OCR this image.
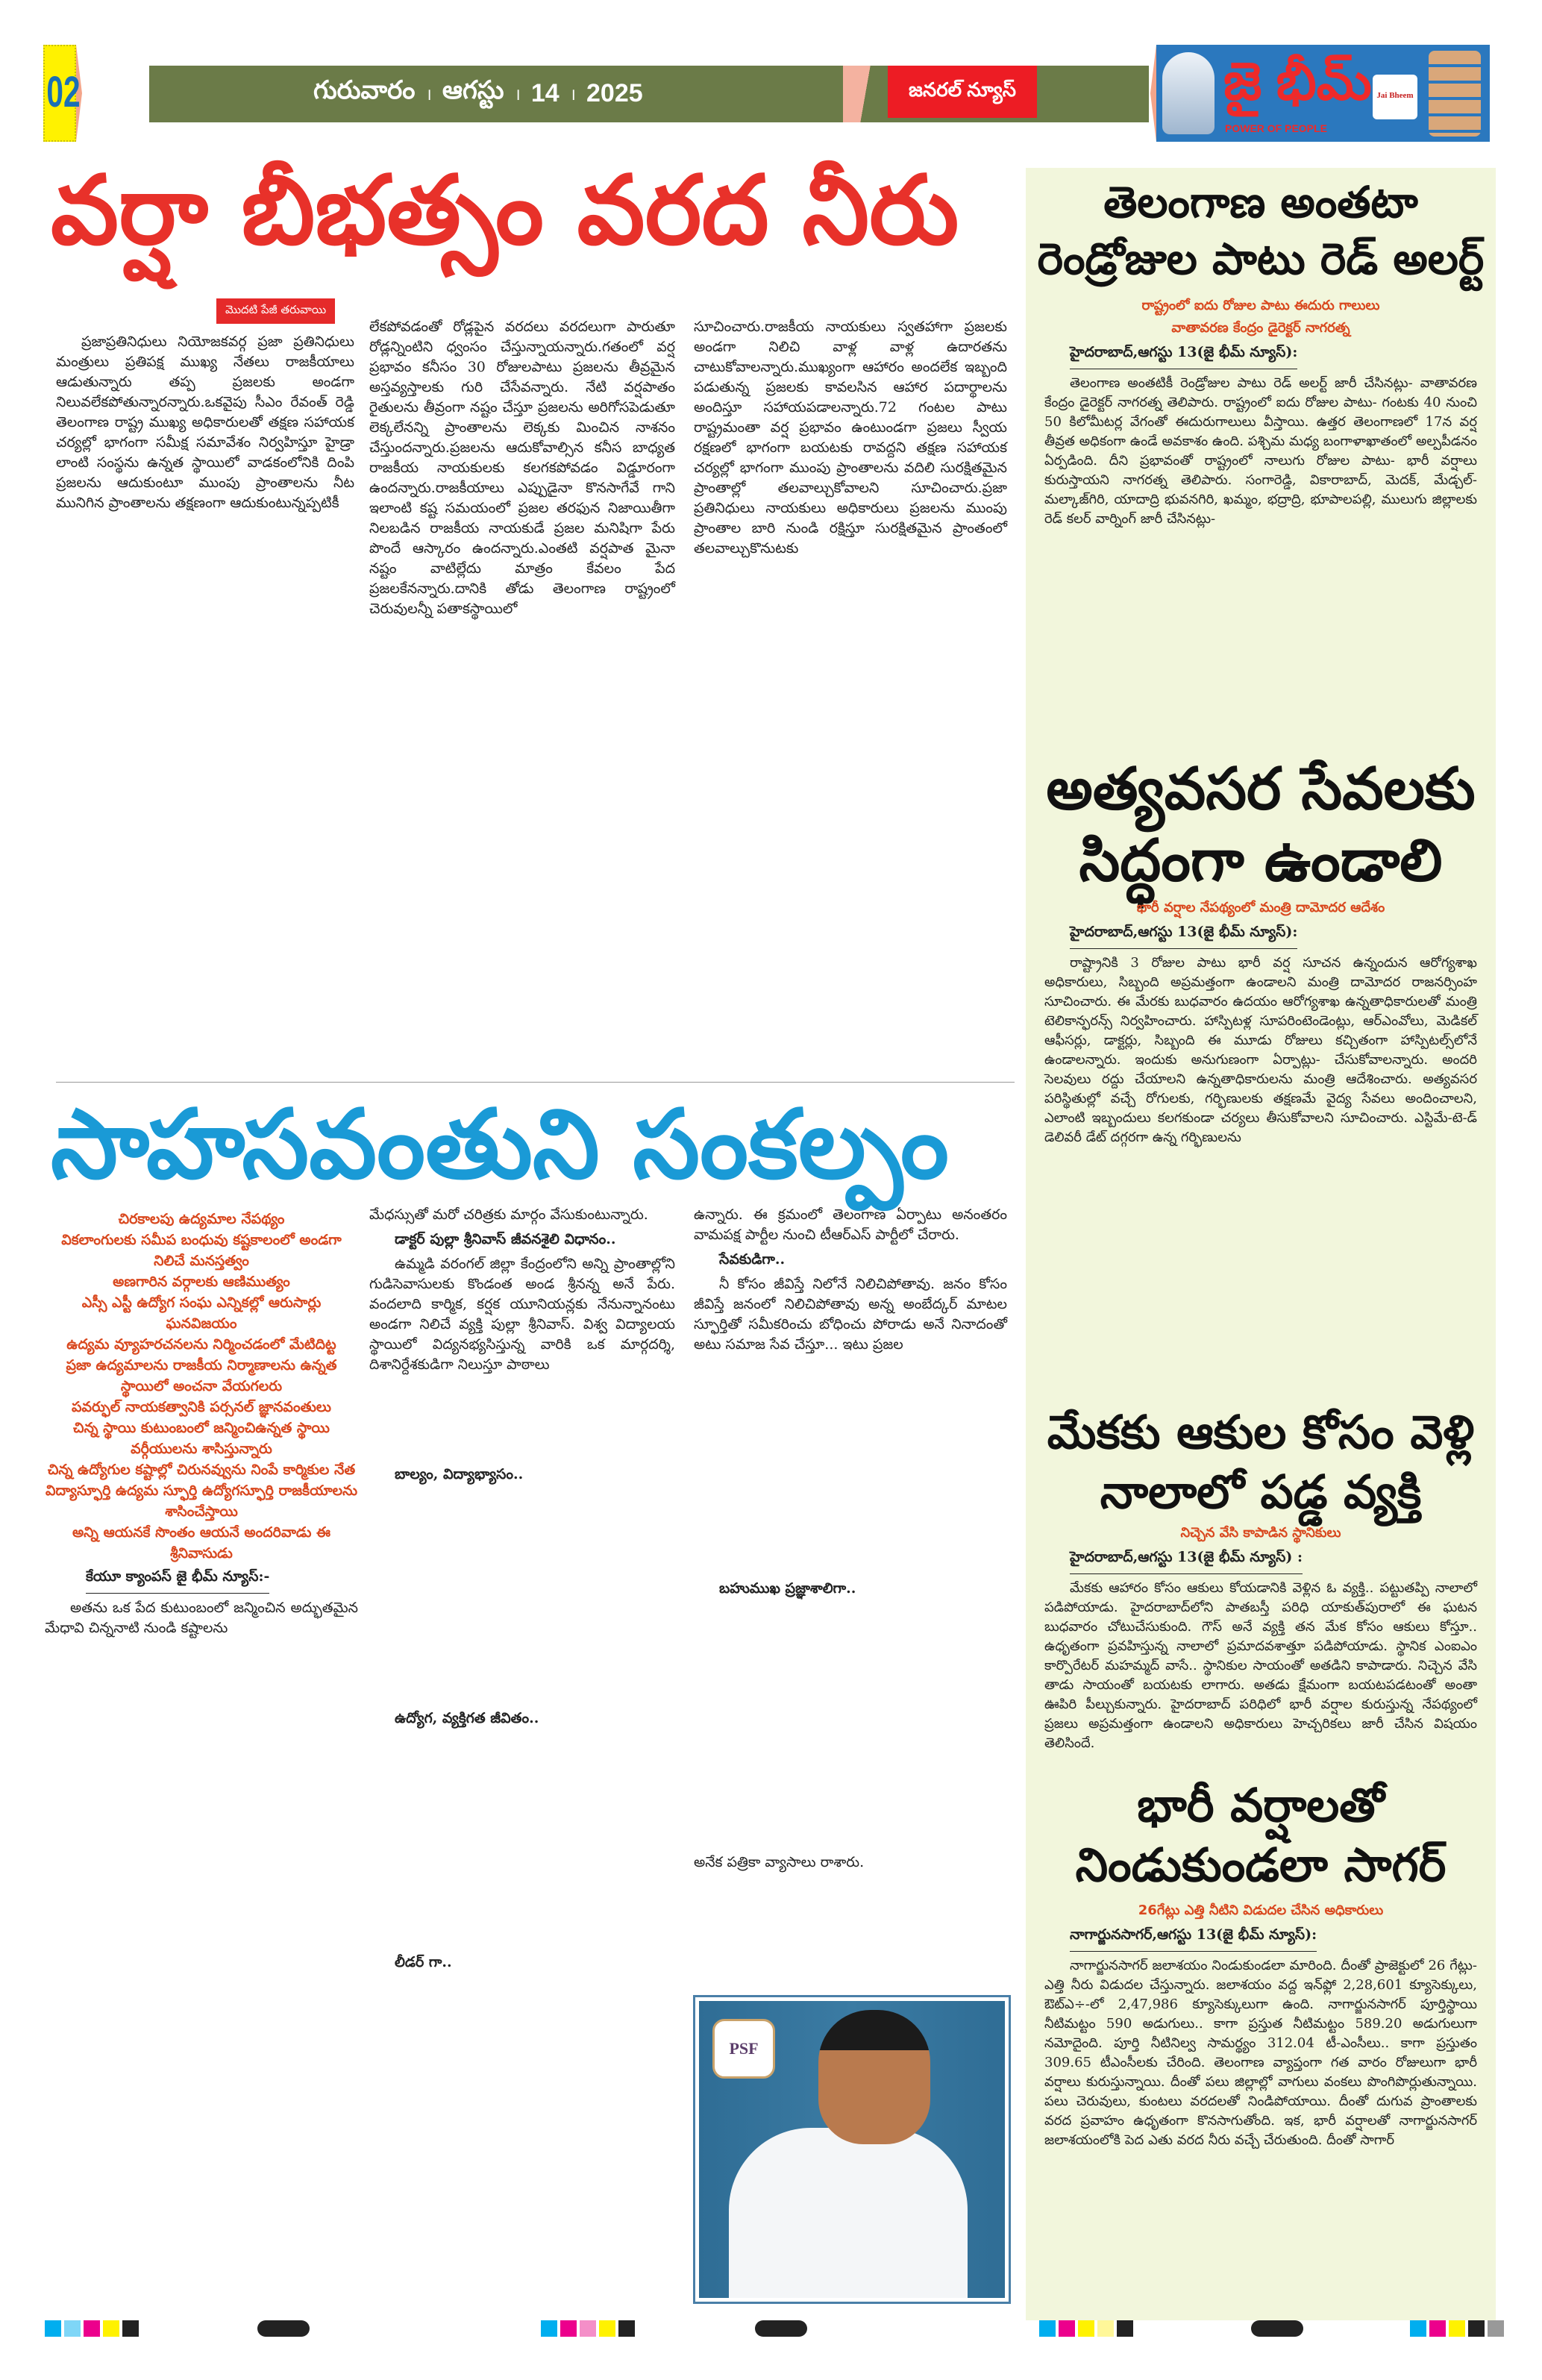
02	గురువారం । ఆగస్టు । 14 । 2025	జనరల్ న్యూస్	జై భీమ్
POWER OF PEOPLE
Jai Bheem
వర్షా బీభత్సం వరద నీరు
మొదటి పేజీ తరువాయి

ప్రజాప్రతినిధులు నియోజకవర్గ ప్రజా ప్రతినిధులు మంత్రులు ప్రతిపక్ష ముఖ్య నేతలు రాజకీయాలు ఆడుతున్నారు తప్ప ప్రజలకు అండగా నిలువలేకపోతున్నారన్నారు.ఒకవైపు సీఎం రేవంత్ రెడ్డి తెలంగాణ రాష్ట్ర ముఖ్య అధికారులతో తక్షణ సహాయక చర్యల్లో భాగంగా సమీక్ష సమావేశం నిర్వహిస్తూ హైడ్రా లాంటి సంస్థను ఉన్నత స్థాయిలో వాడకంలోనికి దింపి ప్రజలను ఆదుకుంటూ ముంపు ప్రాంతాలను నీట మునిగిన ప్రాంతాలను తక్షణంగా ఆదుకుంటున్నప్పటికీ

లేకపోవడంతో రోడ్లపైన వరదలు వరదలుగా పారుతూ రోడ్లన్నింటిని ధ్వంసం చేస్తున్నాయన్నారు.గతంలో వర్ష ప్రభావం కనీసం 30 రోజులపాటు ప్రజలను తీవ్రమైన అస్తవ్యస్తాలకు గురి చేసేవన్నారు. నేటి వర్షపాతం రైతులను తీవ్రంగా నష్టం చేస్తూ ప్రజలను అరిగోసపెడుతూ లెక్కలేనన్ని ప్రాంతాలను లెక్కకు మించిన నాశనం చేస్తుందన్నారు.ప్రజలను ఆదుకోవాల్సిన కనీస బాధ్యత రాజకీయ నాయకులకు కలగకపోవడం విడ్డూరంగా ఉందన్నారు.రాజకీయాలు ఎప్పుడైనా కొనసాగేవే గాని ఇలాంటి కష్ట సమయంలో ప్రజల తరఫున నిజాయితీగా నిలబడిన రాజకీయ నాయకుడే ప్రజల మనిషిగా పేరు పొందే ఆస్కారం ఉందన్నారు.ఎంతటి వర్షపాత మైనా నష్టం వాటిల్లేదు మాత్రం కేవలం పేద ప్రజలకేనన్నారు.దానికి తోడు తెలంగాణ రాష్ట్రంలో చెరువులన్నీ పతాకస్థాయిలో

సూచించారు.రాజకీయ నాయకులు స్వతహాగా ప్రజలకు అండగా నిలిచి వాళ్ల వాళ్ల ఉదారతను చాటుకోవాలన్నారు.ముఖ్యంగా ఆహారం అందలేక ఇబ్బంది పడుతున్న ప్రజలకు కావలసిన ఆహార పదార్థాలను అందిస్తూ సహాయపడాలన్నారు.72 గంటల పాటు రాష్ట్రమంతా వర్ష ప్రభావం ఉంటుండగా ప్రజలు స్వీయ రక్షణలో భాగంగా బయటకు రావద్దని తక్షణ సహాయక చర్యల్లో భాగంగా ముంపు ప్రాంతాలను వదిలి సురక్షితమైన ప్రాంతాల్లో తలవాల్చుకోవాలని సూచించారు.ప్రజా ప్రతినిధులు నాయకులు అధికారులు ప్రజలను ముంపు ప్రాంతాల బారి నుండి రక్షిస్తూ సురక్షితమైన ప్రాంతంలో తలవాల్చుకొనుటకు

సాహసవంతుని సంకల్పం
చిరకాలపు ఉద్యమాల నేపథ్యం
వికలాంగులకు సమీప బంధువు కష్టకాలంలో అండగా నిలిచే మనస్తత్వం
అణగారిన వర్గాలకు ఆణిముత్యం
ఎస్సీ ఎస్టీ ఉద్యోగ సంఘ ఎన్నికల్లో ఆరుసార్లు ఘనవిజయం
ఉద్యమ వ్యూహరచనలను నిర్మించడంలో మేటిదిట్ట
ప్రజా ఉద్యమాలను రాజకీయ నిర్మాణాలను ఉన్నత స్థాయిలో అంచనా వేయగలరు
పవర్ఫుల్ నాయకత్వానికి పర్సనల్ జ్ఞానవంతులు
చిన్న స్థాయి కుటుంబంలో జన్మించిఉన్నత స్థాయి వర్గీయులను శాసిస్తున్నారు
చిన్న ఉద్యోగుల కష్టాల్లో చిరునవ్వును నింపే కార్మికుల నేత
విద్యాస్ఫూర్తి ఉద్యమ స్ఫూర్తి ఉద్యోగస్ఫూర్తి రాజకీయాలను శాసించేస్తాయి
అన్ని ఆయనకే సొంతం ఆయనే అందరివాడు ఈ శ్రీనివాసుడు
కేయూ క్యాంపస్ జై భీమ్ న్యూస్:-

అతను ఒక పేద కుటుంబంలో జన్మించిన అద్భుతమైన మేధావి చిన్ననాటి నుండి కష్టాలను

మేధస్సుతో మరో చరిత్రకు మార్గం వేసుకుంటున్నారు.

డాక్టర్ పుల్లా శ్రీనివాస్ జీవనశైలి విధానం..

ఉమ్మడి వరంగల్ జిల్లా కేంద్రంలోని అన్ని ప్రాంతాల్లోని గుడిసెవాసులకు కొండంత అండ శ్రీనన్న అనే పేరు. వందలాది కార్మిక, కర్షక యూనియన్లకు నేనున్నానంటు అండగా నిలిచే వ్యక్తి పుల్లా శ్రీనివాస్. విశ్వ విద్యాలయ స్థాయిలో విద్యనభ్యసిస్తున్న వారికి ఒక మార్గదర్శి, దిశానిర్దేశకుడిగా నిలుస్తూ పాఠాలు

బాల్యం, విద్యాభ్యాసం..
ఉద్యోగ, వ్యక్తిగత జీవితం..
లీడర్ గా..

ఉన్నారు. ఈ క్రమంలో తెలంగాణ ఏర్పాటు అనంతరం వామపక్ష పార్టీల నుంచి టీఆర్ఎస్ పార్టీలో చేరారు.

సేవకుడిగా..

నీ కోసం జీవిస్తే నిలోనే నిలిచిపోతావు. జనం కోసం జీవిస్తే జనంలో నిలిచిపోతావు అన్న అంబేద్కర్ మాటల స్ఫూర్తితో సమీకరించు బోధించు పోరాడు అనే నినాదంతో అటు సమాజ సేవ చేస్తూ... ఇటు ప్రజల

బహుముఖ ప్రజ్ఞాశాలిగా..

అనేక పత్రికా వ్యాసాలు రాశారు.

PSF
తెలంగాణ అంతటా రెండ్రోజుల పాటు రెడ్ అలర్ట్
రాష్ట్రంలో ఐదు రోజుల పాటు ఈదురు గాలులు
వాతావరణ కేంద్రం డైరెక్టర్ నాగరత్న
హైదరాబాద్,ఆగస్టు 13(జై భీమ్ న్యూస్):

తెలంగాణ అంతటికీ రెండ్రోజుల పాటు రెడ్ అలర్ట్ జారీ చేసినట్లు- వాతావరణ కేంద్రం డైరెక్టర్ నాగరత్న తెలిపారు. రాష్ట్రంలో ఐదు రోజుల పాటు- గంటకు 40 నుంచి 50 కిలోమీటర్ల వేగంతో ఈదురుగాలులు వీస్తాయి. ఉత్తర తెలంగాణలో 17న వర్ష తీవ్రత అధికంగా ఉండే అవకాశం ఉంది. పశ్చిమ మధ్య బంగాళాఖాతంలో అల్పపీడనం ఏర్పడింది. దీని ప్రభావంతో రాష్ట్రంలో నాలుగు రోజుల పాటు- భారీ వర్షాలు కురుస్తాయని నాగరత్న తెలిపారు. సంగారెడ్డి, వికారాబాద్, మెదక్, మేడ్చల్-మల్కాజ్‌గిరి, యాదాద్రి భువనగిరి, ఖమ్మం, భద్రాద్రి, భూపాలపల్లి, ములుగు జిల్లాలకు రెడ్ కలర్ వార్నింగ్ జారీ చేసినట్లు-

అత్యవసర సేవలకు సిద్ధంగా ఉండాలి
భారీ వర్షాల నేపథ్యంలో మంత్రి దామోదర ఆదేశం
హైదరాబాద్,ఆగస్టు 13(జై భీమ్ న్యూస్):

రాష్ట్రానికి 3 రోజుల పాటు భారీ వర్ష సూచన ఉన్నందున ఆరోగ్యశాఖ అధికారులు, సిబ్బంది అప్రమత్తంగా ఉండాలని మంత్రి దామోదర రాజనర్సింహ సూచించారు. ఈ మేరకు బుధవారం ఉదయం ఆరోగ్యశాఖ ఉన్నతాధికారులతో మంత్రి టెలికాన్ఫరన్స్ నిర్వహించారు. హాస్పిటళ్ల సూపరింటెండెంట్లు, ఆర్ఎంవోలు, మెడికల్ ఆఫీసర్లు, డాక్టర్లు, సిబ్బంది ఈ మూడు రోజులు కచ్చితంగా హాస్పిటల్స్‌లోనే ఉండాలన్నారు. ఇందుకు అనుగుణంగా ఏర్పాట్లు- చేసుకోవాలన్నారు. అందరి సెలవులు రద్దు చేయాలని ఉన్నతాధికారులను మంత్రి ఆదేశించారు. అత్యవసర పరిస్థితుల్లో వచ్చే రోగులకు, గర్భిణులకు తక్షణమే వైద్య సేవలు అందించాలని, ఎలాంటి ఇబ్బందులు కలగకుండా చర్యలు తీసుకోవాలని సూచించారు. ఎస్టిమే-టె-డ్ డెలివరీ డేట్ దగ్గరగా ఉన్న గర్భిణులను

మేకకు ఆకుల కోసం వెళ్లి నాలాలో పడ్డ వ్యక్తి
నిచ్చెన వేసి కాపాడిన స్థానికులు
హైదరాబాద్,ఆగస్టు 13(జై భీమ్ న్యూస్) :

మేకకు ఆహారం కోసం ఆకులు కోయడానికి వెళ్లిన ఓ వ్యక్తి.. పట్టుతప్పి నాలాలో పడిపోయాడు. హైదరాబాద్‌లోని పాతబస్తీ పరిధి యాకుత్‌పురాలో ఈ ఘటన బుధవారం చోటుచేసుకుంది. గౌస్ అనే వ్యక్తి తన మేక కోసం ఆకులు కోస్తూ.. ఉధృతంగా ప్రవహిస్తున్న నాలాలో ప్రమాదవశాత్తూ పడిపోయాడు. స్థానిక ఎంఐఎం కార్పొరేటర్ మహమ్మద్ వాసే.. స్థానికుల సాయంతో అతడిని కాపాడారు. నిచ్చెన వేసి తాడు సాయంతో బయటకు లాగారు. అతడు క్షేమంగా బయటపడటంతో అంతా ఊపిరి పీల్చుకున్నారు. హైదరాబాద్ పరిధిలో భారీ వర్షాల కురుస్తున్న నేపథ్యంలో ప్రజలు అప్రమత్తంగా ఉండాలని అధికారులు హెచ్చరికలు జారీ చేసిన విషయం తెలిసిందే.

భారీ వర్షాలతో నిండుకుండలా సాగర్
26గేట్లు ఎత్తి నీటిని విడుదల చేసిన అధికారులు
నాగార్జునసాగర్,ఆగస్టు 13(జై భీమ్ న్యూస్):

నాగార్జునసాగర్ జలాశయం నిండుకుండలా మారింది. దీంతో ప్రాజెక్టులో 26 గేట్లు- ఎత్తి నీరు విడుదల చేస్తున్నారు. జలాశయం వద్ద ఇన్‌ఫ్లో 2,28,601 క్యూసెక్కులు, ఔట్‌ఎ÷-లో 2,47,986 క్యూసెక్కులుగా ఉంది. నాగార్జునసాగర్ పూర్తిస్థాయి నీటిమట్టం 590 అడుగులు.. కాగా ప్రస్తుత నీటిమట్టం 589.20 అడుగులుగా నమోదైంది. పూర్తి నీటినిల్వ సామర్థ్యం 312.04 టీ-ఎంసీలు.. కాగా ప్రస్తుతం 309.65 టీఎంసీలకు చేరింది. తెలంగాణ వ్యాప్తంగా గత వారం రోజులుగా భారీ వర్షాలు కురుస్తున్నాయి. దీంతో పలు జిల్లాల్లో వాగులు వంకలు పొంగిపొర్లుతున్నాయి. పలు చెరువులు, కుంటలు వరదలతో నిండిపోయాయి. దీంతో దుగువ ప్రాంతాలకు వరద ప్రవాహం ఉధృతంగా కొనసాగుతోంది. ఇక, భారీ వర్షాలతో నాగార్జునసాగర్ జలాశయంలోకి పెద ఎతు వరద నీరు వచ్చే చేరుతుంది. దీంతో సాగార్
